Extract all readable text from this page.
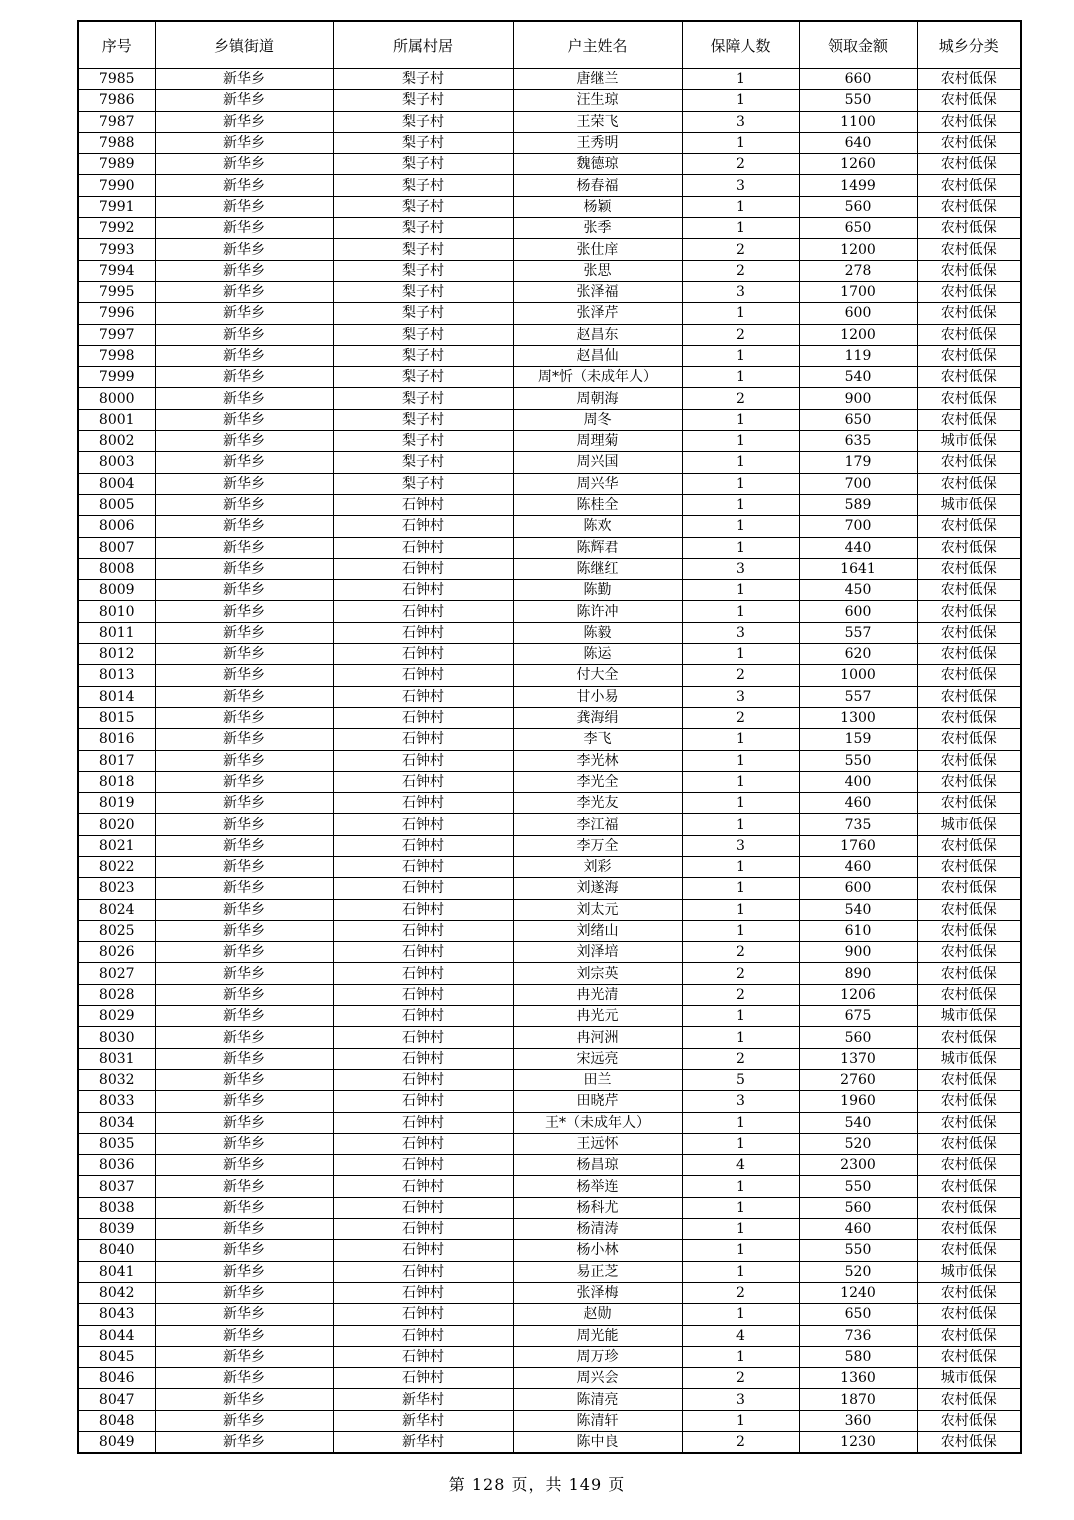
序号	乡镇街道	所属村居	户主姓名	保障人数	领取金额	城乡分类
7985	新华乡	梨子村	唐继兰	1	660	农村低保
7986	新华乡	梨子村	汪生琼	1	550	农村低保
7987	新华乡	梨子村	王荣飞	3	1100	农村低保
7988	新华乡	梨子村	王秀明	1	640	农村低保
7989	新华乡	梨子村	魏德琼	2	1260	农村低保
7990	新华乡	梨子村	杨春福	3	1499	农村低保
7991	新华乡	梨子村	杨颖	1	560	农村低保
7992	新华乡	梨子村	张季	1	650	农村低保
7993	新华乡	梨子村	张仕庠	2	1200	农村低保
7994	新华乡	梨子村	张思	2	278	农村低保
7995	新华乡	梨子村	张泽福	3	1700	农村低保
7996	新华乡	梨子村	张泽芹	1	600	农村低保
7997	新华乡	梨子村	赵昌东	2	1200	农村低保
7998	新华乡	梨子村	赵昌仙	1	119	农村低保
7999	新华乡	梨子村	周*忻（未成年人）	1	540	农村低保
8000	新华乡	梨子村	周朝海	2	900	农村低保
8001	新华乡	梨子村	周冬	1	650	农村低保
8002	新华乡	梨子村	周理菊	1	635	城市低保
8003	新华乡	梨子村	周兴国	1	179	农村低保
8004	新华乡	梨子村	周兴华	1	700	农村低保
8005	新华乡	石钟村	陈桂全	1	589	城市低保
8006	新华乡	石钟村	陈欢	1	700	农村低保
8007	新华乡	石钟村	陈辉君	1	440	农村低保
8008	新华乡	石钟村	陈继红	3	1641	农村低保
8009	新华乡	石钟村	陈勤	1	450	农村低保
8010	新华乡	石钟村	陈许冲	1	600	农村低保
8011	新华乡	石钟村	陈毅	3	557	农村低保
8012	新华乡	石钟村	陈运	1	620	农村低保
8013	新华乡	石钟村	付大全	2	1000	农村低保
8014	新华乡	石钟村	甘小易	3	557	农村低保
8015	新华乡	石钟村	龚海绢	2	1300	农村低保
8016	新华乡	石钟村	李飞	1	159	农村低保
8017	新华乡	石钟村	李光林	1	550	农村低保
8018	新华乡	石钟村	李光全	1	400	农村低保
8019	新华乡	石钟村	李光友	1	460	农村低保
8020	新华乡	石钟村	李江福	1	735	城市低保
8021	新华乡	石钟村	李万全	3	1760	农村低保
8022	新华乡	石钟村	刘彩	1	460	农村低保
8023	新华乡	石钟村	刘遂海	1	600	农村低保
8024	新华乡	石钟村	刘太元	1	540	农村低保
8025	新华乡	石钟村	刘绪山	1	610	农村低保
8026	新华乡	石钟村	刘泽培	2	900	农村低保
8027	新华乡	石钟村	刘宗英	2	890	农村低保
8028	新华乡	石钟村	冉光清	2	1206	农村低保
8029	新华乡	石钟村	冉光元	1	675	城市低保
8030	新华乡	石钟村	冉河洲	1	560	农村低保
8031	新华乡	石钟村	宋远亮	2	1370	城市低保
8032	新华乡	石钟村	田兰	5	2760	农村低保
8033	新华乡	石钟村	田晓芹	3	1960	农村低保
8034	新华乡	石钟村	王*（未成年人）	1	540	农村低保
8035	新华乡	石钟村	王远怀	1	520	农村低保
8036	新华乡	石钟村	杨昌琼	4	2300	农村低保
8037	新华乡	石钟村	杨举连	1	550	农村低保
8038	新华乡	石钟村	杨科尤	1	560	农村低保
8039	新华乡	石钟村	杨清涛	1	460	农村低保
8040	新华乡	石钟村	杨小林	1	550	农村低保
8041	新华乡	石钟村	易正芝	1	520	城市低保
8042	新华乡	石钟村	张泽梅	2	1240	农村低保
8043	新华乡	石钟村	赵勋	1	650	农村低保
8044	新华乡	石钟村	周光能	4	736	农村低保
8045	新华乡	石钟村	周万珍	1	580	农村低保
8046	新华乡	石钟村	周兴会	2	1360	城市低保
8047	新华乡	新华村	陈清亮	3	1870	农村低保
8048	新华乡	新华村	陈清轩	1	360	农村低保
8049	新华乡	新华村	陈中良	2	1230	农村低保
第 128 页，共 149 页
